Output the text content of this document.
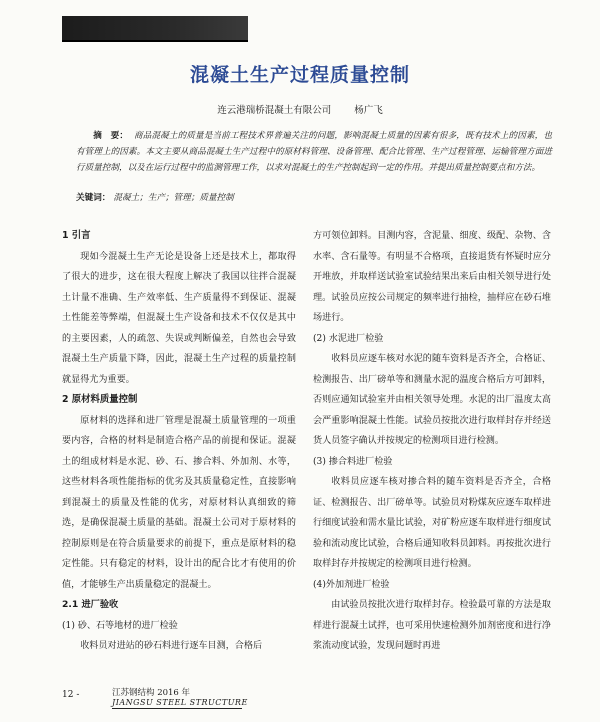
混凝土生产过程质量控制
连云港瑞桥混凝土有限公司 杨广飞
摘　要： 商品混凝土的质量是当前工程技术界普遍关注的问题，影响混凝土质量的因素有很多，既有技术上的因素，也有管理上的因素。本文主要从商品混凝土生产过程中的原材料管理、设备管理、配合比管理、生产过程管理、运输管理方面进行质量控制，以及在运行过程中的监测管理工作，以求对混凝土的生产控制起到一定的作用。并提出质量控制要点和方法。
关键词： 混凝土；生产；管理；质量控制
1 引言

现如今混凝土生产无论是设备上还是技术上，都取得了很大的进步，这在很大程度上解决了我国以往拌合混凝土计量不准确、生产效率低、生产质量得不到保证、混凝土性能差等弊端，但混凝土生产设备和技术不仅仅是其中的主要因素，人的疏忽、失误或判断偏差，自然也会导致混凝土生产质量下降，因此，混凝土生产过程的质量控制就显得尤为重要。

2 原材料质量控制

原材料的选择和进厂管理是混凝土质量管理的一项重要内容，合格的材料是制造合格产品的前提和保证。混凝土的组成材料是水泥、砂、石、掺合料、外加剂、水等，这些材料各项性能指标的优劣及其质量稳定性，直接影响到混凝土的质量及性能的优劣，对原材料认真细致的筛选，是确保混凝土质量的基础。混凝土公司对于原材料的控制原则是在符合质量要求的前提下，重点是原材料的稳定性能。只有稳定的材料，设计出的配合比才有使用的价值，才能够生产出质量稳定的混凝土。

2.1 进厂验收
(1) 砂、石等地材的进厂检验

收料员对进站的砂石料进行逐车目测，合格后

方可领位卸料。目测内容，含泥量、细度、级配、杂物、含水率、含石量等。有明显不合格项，直接退货有怀疑时应分开堆放，并取样送试验室试验结果出来后由相关领导进行处理。试验员应按公司规定的频率进行抽检，抽样应在砂石堆场进行。

(2) 水泥进厂检验

收料员应逐车核对水泥的随车资料是否齐全，合格证、检测报告、出厂磅单等和测量水泥的温度合格后方可卸料，否则应通知试验室并由相关领导处理。水泥的出厂温度太高会严重影响混凝土性能。试验员按批次进行取样封存并经送货人员签字确认并按规定的检测项目进行检测。

(3) 掺合料进厂检验

收料员应逐车核对掺合料的随车资料是否齐全，合格证、检测报告、出厂磅单等。试验员对粉煤灰应逐车取样进行细度试验和需水量比试验，对矿粉应逐车取样进行细度试验和流动度比试验，合格后通知收料员卸料。再按批次进行取样封存并按规定的检测项目进行检测。

(4)外加剂进厂检验

由试验员按批次进行取样封存。检验最可靠的方法是取样进行混凝土试拌，也可采用快速检测外加剂密度和进行净浆流动度试验，发现问题时再进

12 -	江苏钢结构 2016 年
JIANGSU STEEL STRUCTURE
